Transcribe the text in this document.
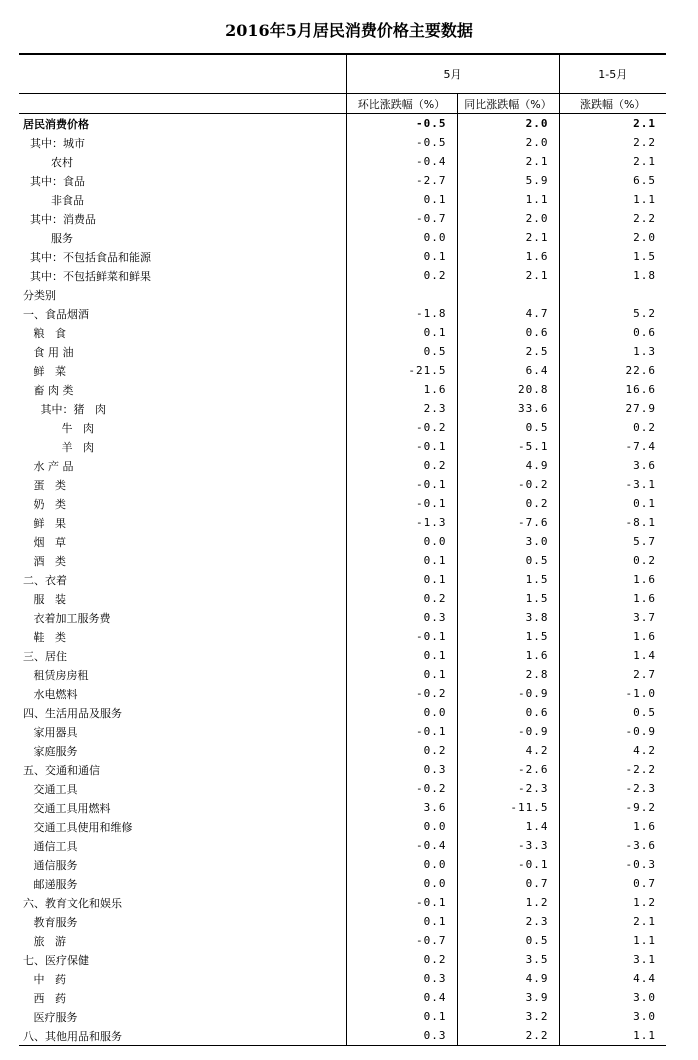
2016年5月居民消费价格主要数据
	5月		1-5月
	环比涨跌幅（%）	同比涨跌幅（%）	涨跌幅（%）
居民消费价格	-0.5	2.0	2.1
其中：城市	-0.5	2.0	2.2
农村	-0.4	2.1	2.1
其中：食品	-2.7	5.9	6.5
非食品	0.1	1.1	1.1
其中：消费品	-0.7	2.0	2.2
服务	0.0	2.1	2.0
其中：不包括食品和能源	0.1	1.6	1.5
其中：不包括鲜菜和鲜果	0.2	2.1	1.8
分类别			
一、食品烟酒	-1.8	4.7	5.2
粮   食	0.1	0.6	0.6
食 用 油	0.5	2.5	1.3
鲜   菜	-21.5	6.4	22.6
畜 肉 类	1.6	20.8	16.6
其中：猪   肉	2.3	33.6	27.9
牛   肉	-0.2	0.5	0.2
羊   肉	-0.1	-5.1	-7.4
水 产 品	0.2	4.9	3.6
蛋   类	-0.1	-0.2	-3.1
奶   类	-0.1	0.2	0.1
鲜   果	-1.3	-7.6	-8.1
烟   草	0.0	3.0	5.7
酒   类	0.1	0.5	0.2
二、衣着	0.1	1.5	1.6
服   装	0.2	1.5	1.6
衣着加工服务费	0.3	3.8	3.7
鞋   类	-0.1	1.5	1.6
三、居住	0.1	1.6	1.4
租赁房房租	0.1	2.8	2.7
水电燃料	-0.2	-0.9	-1.0
四、生活用品及服务	0.0	0.6	0.5
家用器具	-0.1	-0.9	-0.9
家庭服务	0.2	4.2	4.2
五、交通和通信	0.3	-2.6	-2.2
交通工具	-0.2	-2.3	-2.3
交通工具用燃料	3.6	-11.5	-9.2
交通工具使用和维修	0.0	1.4	1.6
通信工具	-0.4	-3.3	-3.6
通信服务	0.0	-0.1	-0.3
邮递服务	0.0	0.7	0.7
六、教育文化和娱乐	-0.1	1.2	1.2
教育服务	0.1	2.3	2.1
旅   游	-0.7	0.5	1.1
七、医疗保健	0.2	3.5	3.1
中   药	0.3	4.9	4.4
西   药	0.4	3.9	3.0
医疗服务	0.1	3.2	3.0
八、其他用品和服务	0.3	2.2	1.1
